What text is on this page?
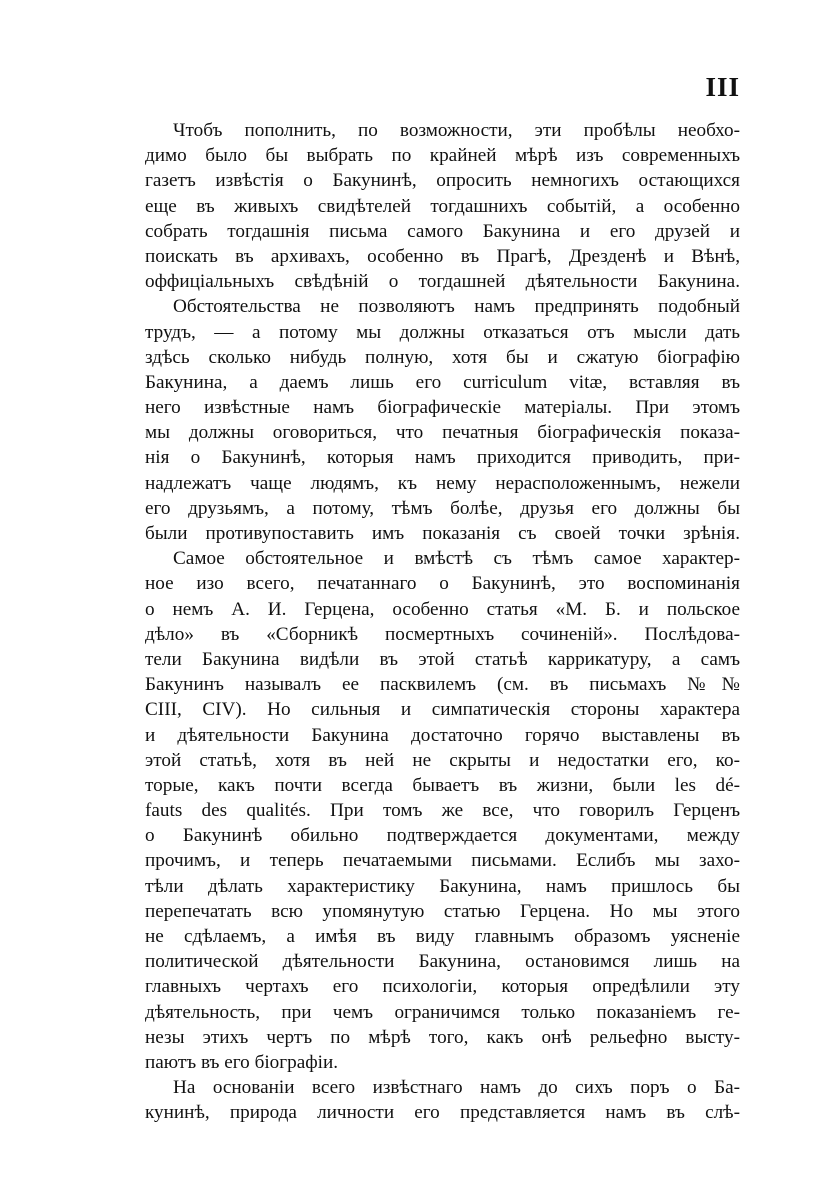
III

Чтобъ пополнить, по возможности, эти пробѣлы необхо-
димо было бы выбрать по крайней мѣрѣ изъ современныхъ
газетъ извѣстія о Бакунинѣ, опросить немногихъ остающихся
еще въ живыхъ свидѣтелей тогдашнихъ событій, а особенно
собрать тогдашнія письма самого Бакунина и его друзей и
поискать въ архивахъ, особенно въ Прагѣ, Дрезденѣ и Вѣнѣ,
оффиціальныхъ свѣдѣній о тогдашней дѣятельности Бакунина.

Обстоятельства не позволяютъ намъ предпринять подобный
трудъ, — а потому мы должны отказаться отъ мысли дать
здѣсь сколько нибудь полную, хотя бы и сжатую біографію
Бакунина, а даемъ лишь его curriculum vitæ, вставляя въ
него извѣстные намъ біографическіе матеріалы. При этомъ
мы должны оговориться, что печатныя біографическія показа-
нія о Бакунинѣ, которыя намъ приходится приводить, при-
надлежатъ чаще людямъ, къ нему нерасположеннымъ, нежели
его друзьямъ, а потому, тѣмъ болѣе, друзья его должны бы
были противупоставить имъ показанія съ своей точки зрѣнія.

Самое обстоятельное и вмѣстѣ съ тѣмъ самое характер-
ное изо всего, печатаннаго о Бакунинѣ, это воспоминанія
о немъ А. И. Герцена, особенно статья «М. Б. и польское
дѣло» въ «Сборникѣ посмертныхъ сочиненій». Послѣдова-
тели Бакунина видѣли въ этой статьѣ каррикатуру, а самъ
Бакунинъ называлъ ее пасквилемъ (см. въ письмахъ №№
CIII, CIV). Но сильныя и симпатическія стороны характера
и дѣятельности Бакунина достаточно горячо выставлены въ
этой статьѣ, хотя въ ней не скрыты и недостатки его, ко-
торые, какъ почти всегда бываетъ въ жизни, были les dé-
fauts des qualités. При томъ же все, что говорилъ Герценъ
о Бакунинѣ обильно подтверждается документами, между
прочимъ, и теперь печатаемыми письмами. Еслибъ мы захо-
тѣли дѣлать характеристику Бакунина, намъ пришлось бы
перепечатать всю упомянутую статью Герцена. Но мы этого
не сдѣлаемъ, а имѣя въ виду главнымъ образомъ уясненіе
политической дѣятельности Бакунина, остановимся лишь на
главныхъ чертахъ его психологіи, которыя опредѣлили эту
дѣятельность, при чемъ ограничимся только показаніемъ ге-
незы этихъ чертъ по мѣрѣ того, какъ онѣ рельефно высту-
паютъ въ его біографіи.

На основаніи всего извѣстнаго намъ до сихъ поръ о Ба-
кунинѣ, природа личности его представляется намъ въ слѣ-
